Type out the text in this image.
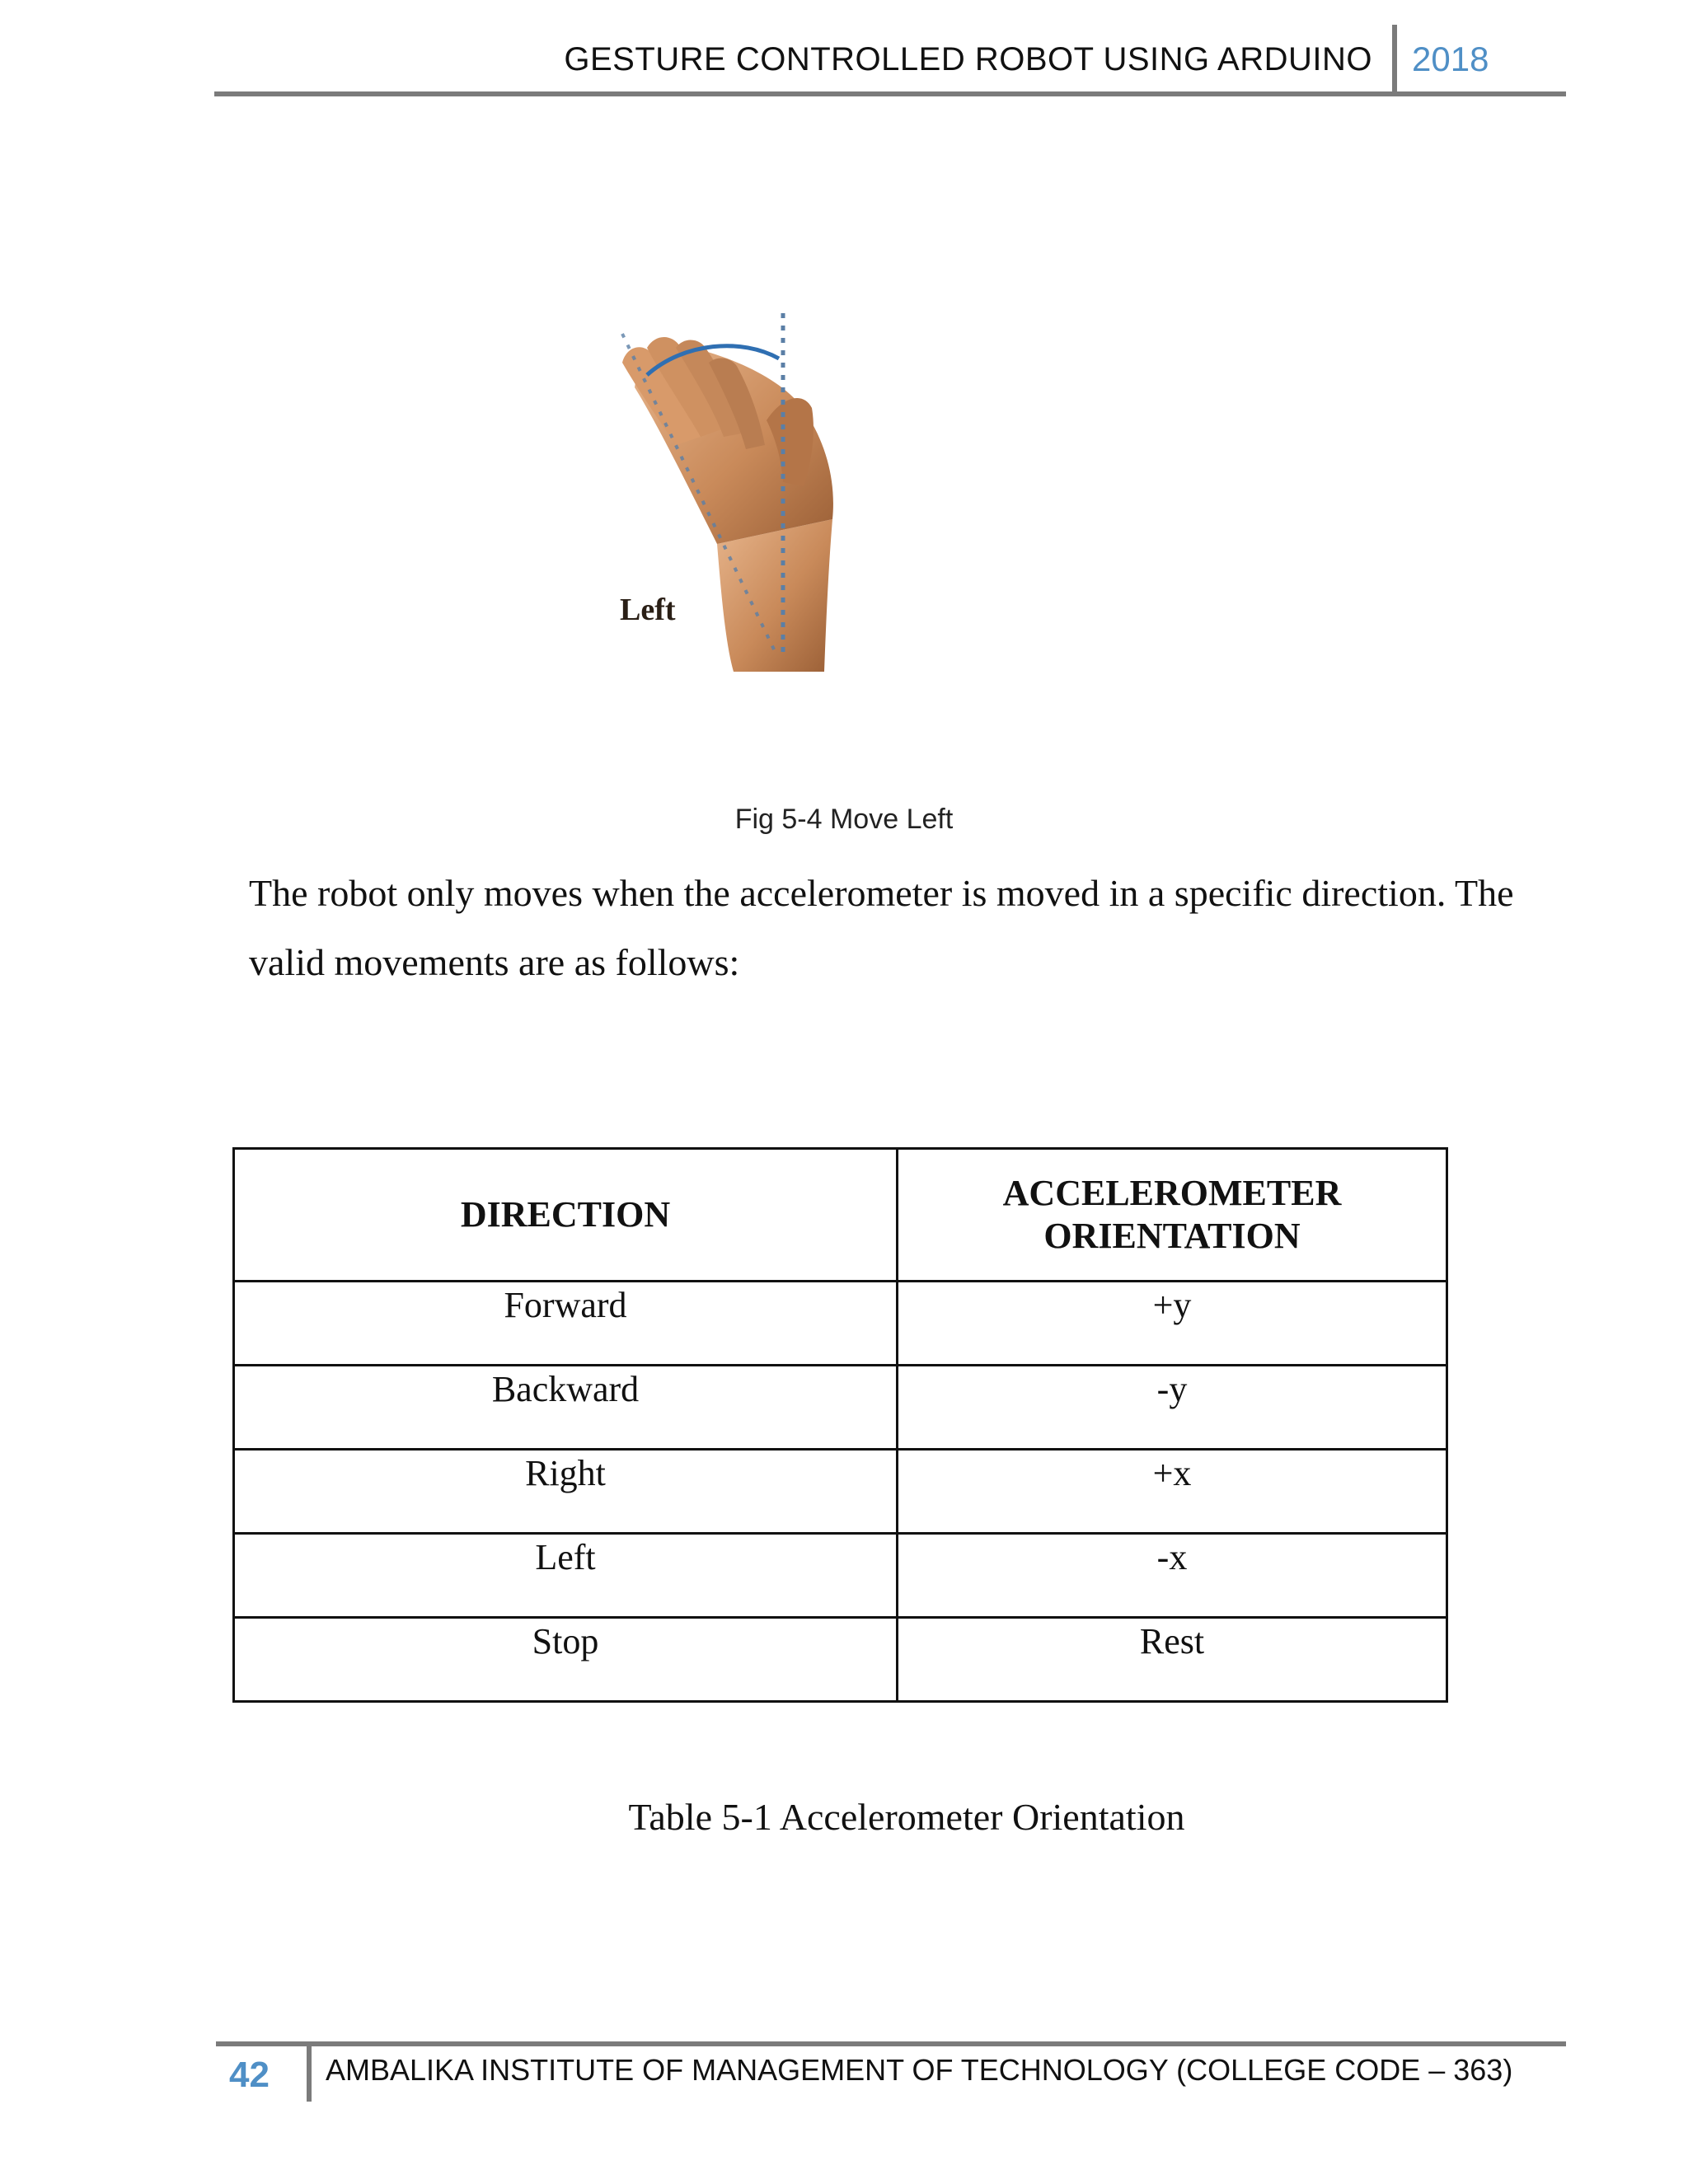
GESTURE CONTROLLED ROBOT USING ARDUINO 2018
Left
Fig 5-4 Move Left
The robot only moves when the accelerometer is moved in a specific direction. The valid movements are as follows:
DIRECTION	ACCELEROMETER ORIENTATION
Forward	+y
Backward	-y
Right	+x
Left	-x
Stop	Rest
Table 5-1 Accelerometer Orientation
42 AMBALIKA INSTITUTE OF MANAGEMENT OF TECHNOLOGY (COLLEGE CODE – 363)
